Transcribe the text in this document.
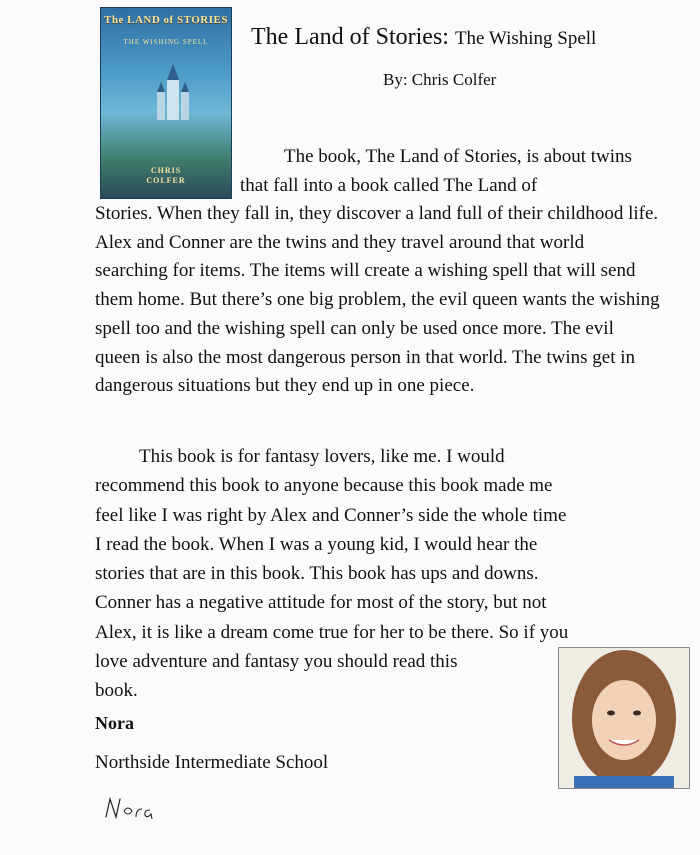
The LAND of STORIES
THE WISHING SPELL
CHRIS
COLFER
The Land of Stories: The Wishing Spell
By: Chris Colfer

The book, The Land of Stories, is about twins that fall into a book called The Land of

Stories. When they fall in, they discover a land full of their childhood life. Alex and Conner are the twins and they travel around that world searching for items. The items will create a wishing spell that will send them home. But there’s one big problem, the evil queen wants the wishing spell too and the wishing spell can only be used once more. The evil queen is also the most dangerous person in that world. The twins get in dangerous situations but they end up in one piece.

This book is for fantasy lovers, like me. I would
recommend this book to anyone because this book made me
feel like I was right by Alex and Conner’s side the whole time
I read the book. When I was a young kid, I would hear the
stories that are in this book. This book has ups and downs.
Conner has a negative attitude for most of the story, but not
Alex, it is like a dream come true for her to be there. So if you
love adventure and fantasy you should read this
book.

Nora
Northside Intermediate School
